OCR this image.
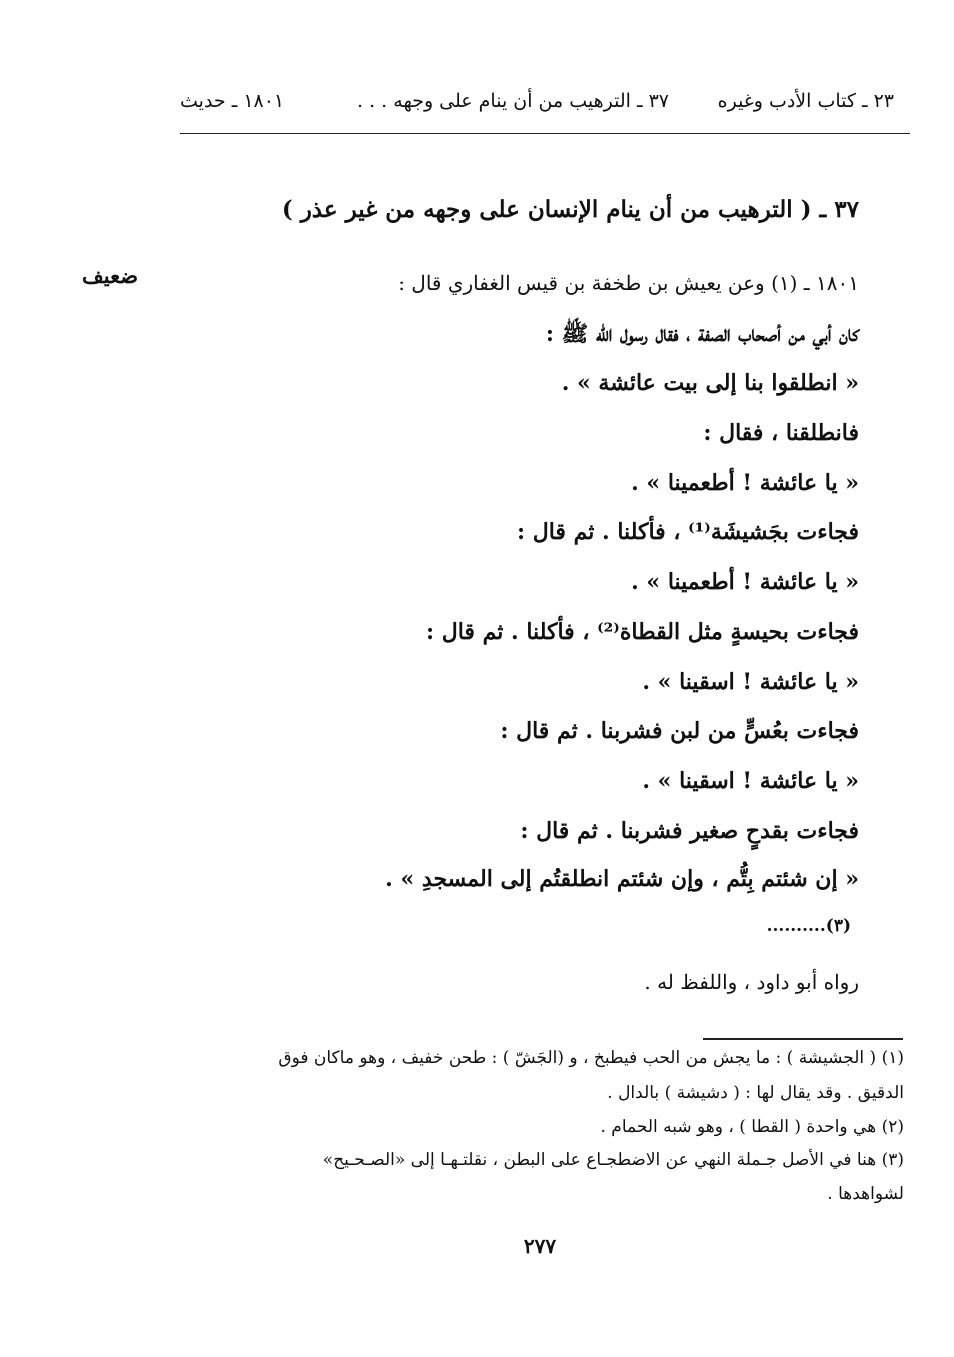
٢٣ ـ كتاب الأدب وغيره
٣٧ ـ الترهيب من أن ينام على وجهه . . .
١٨٠١ ـ حديث
٣٧ ـ ( الترهيب من أن ينام الإنسان على وجهه من غير عذر )
ضعيف	١٨٠١ ـ (١) وعن يعيش بن طخفة بن قيس الغفاري قال :
كان أبي من أصحاب الصفة ، فقال رسول الله ﷺ :
« انطلقوا بنا إلى بيت عائشة » .
فانطلقنا ، فقال :
« يا عائشة ! أطعمينا » .
فجاءت بجَشيشَة⁽¹⁾ ، فأكلنا . ثم قال :
« يا عائشة ! أطعمينا » .
فجاءت بحيسةٍ مثل القطاة⁽²⁾ ، فأكلنا . ثم قال :
« يا عائشة ! اسقينا » .
فجاءت بعُسٍّ من لبن فشربنا . ثم قال :
« يا عائشة ! اسقينا » .
فجاءت بقدحٍ صغير فشربنا . ثم قال :
« إن شئتم بِتُّم ، وإن شئتم انطلقتُم إلى المسجدِ » .
..........(٣)
رواه أبو داود ، واللفظ له .
(١) ( الجشيشة ) : ما يجش من الحب فيطبخ ، و (الجَشّ ) : طحن خفيف ، وهو ماكان فوق
الدقيق . وقد يقال لها : ( دشيشة ) بالدال .
(٢) هي واحدة ( القطا ) ، وهو شبه الحمام .
(٣) هنا في الأصل جـملة النهي عن الاضطجـاع على البطن ، نقلتـهـا إلى «الصـحـيح»
لشواهدها .
٢٧٧
